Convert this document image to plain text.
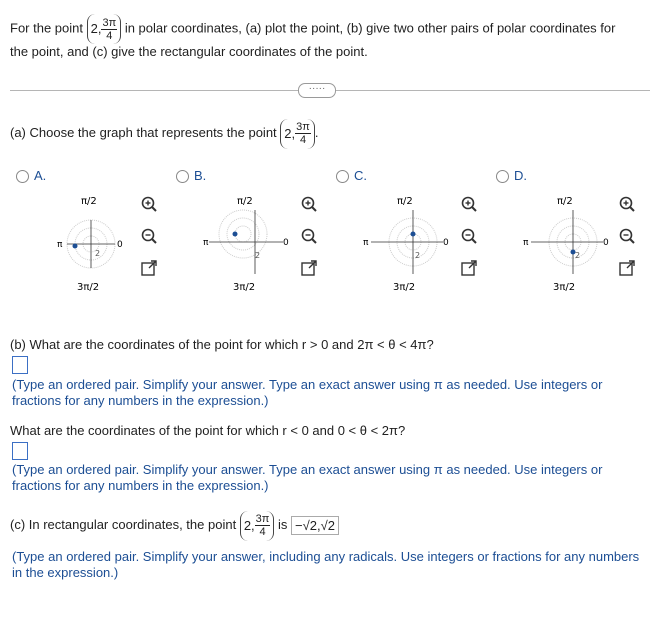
For the point 2, $\frac{3\pi}{4}$ in polar coordinates, (a) plot the point, (b) give two other pairs of polar coordinates for
the point, and (c) give the rectangular coordinates of the point.
·····
(a) Choose the graph that represents the point 2, $\frac{3\pi}{4}$ .
A.	B.	C.	D.
π/2
3π/2
π	0
2
π/2
3π/2
π	0
2
π/2
3π/2
π	0
2
π/2
3π/2
π	0
2
(b) What are the coordinates of the point for which r > 0 and 2π < θ < 4π?
(Type an ordered pair. Simplify your answer. Type an exact answer using π as needed. Use integers or
fractions for any numbers in the expression.)
What are the coordinates of the point for which r < 0 and 0 < θ < 2π?
(Type an ordered pair. Simplify your answer. Type an exact answer using π as needed. Use integers or
fractions for any numbers in the expression.)
(c) In rectangular coordinates, the point 2, $\frac{3\pi}{4}$ is −√2,√2
(Type an ordered pair. Simplify your answer, including any radicals. Use integers or fractions for any numbers
in the expression.)
